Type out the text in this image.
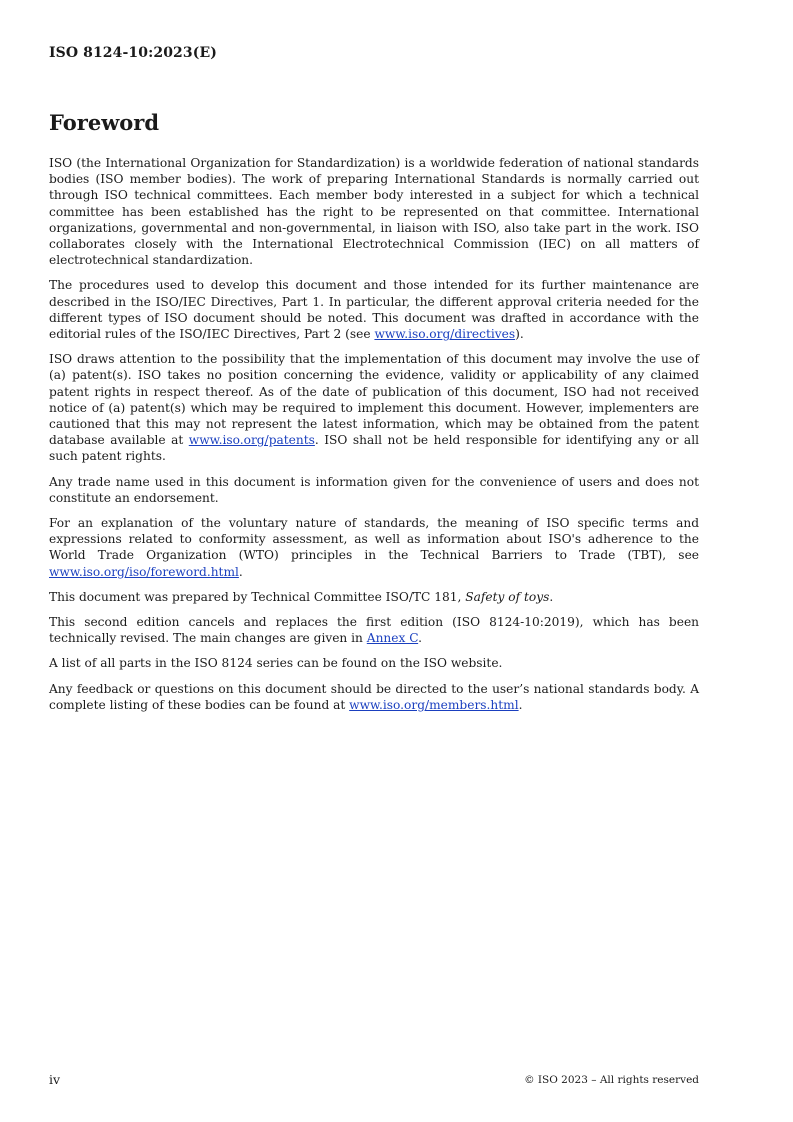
ISO 8124-10:2023(E)
Foreword

ISO (the International Organization for Standardization) is a worldwide federation of national standards bodies (ISO member bodies). The work of preparing International Standards is normally carried out through ISO technical committees. Each member body interested in a subject for which a technical committee has been established has the right to be represented on that committee. International organizations, governmental and non-governmental, in liaison with ISO, also take part in the work. ISO collaborates closely with the International Electrotechnical Commission (IEC) on all matters of electrotechnical standardization.

The procedures used to develop this document and those intended for its further maintenance are described in the ISO/IEC Directives, Part 1. In particular, the different approval criteria needed for the different types of ISO document should be noted. This document was drafted in accordance with the editorial rules of the ISO/IEC Directives, Part 2 (see www.iso.org/directives).

ISO draws attention to the possibility that the implementation of this document may involve the use of (a) patent(s). ISO takes no position concerning the evidence, validity or applicability of any claimed patent rights in respect thereof. As of the date of publication of this document, ISO had not received notice of (a) patent(s) which may be required to implement this document. However, implementers are cautioned that this may not represent the latest information, which may be obtained from the patent database available at www.iso.org/patents. ISO shall not be held responsible for identifying any or all such patent rights.

Any trade name used in this document is information given for the convenience of users and does not constitute an endorsement.

For an explanation of the voluntary nature of standards, the meaning of ISO specific terms and expressions related to conformity assessment, as well as information about ISO's adherence to the World Trade Organization (WTO) principles in the Technical Barriers to Trade (TBT), see www.iso.org/iso/foreword.html.

This document was prepared by Technical Committee ISO/TC 181, Safety of toys.

This second edition cancels and replaces the first edition (ISO 8124-10:2019), which has been technically revised. The main changes are given in Annex C.

A list of all parts in the ISO 8124 series can be found on the ISO website.

Any feedback or questions on this document should be directed to the user’s national standards body. A complete listing of these bodies can be found at www.iso.org/members.html.

iv	© ISO 2023 – All rights reserved
